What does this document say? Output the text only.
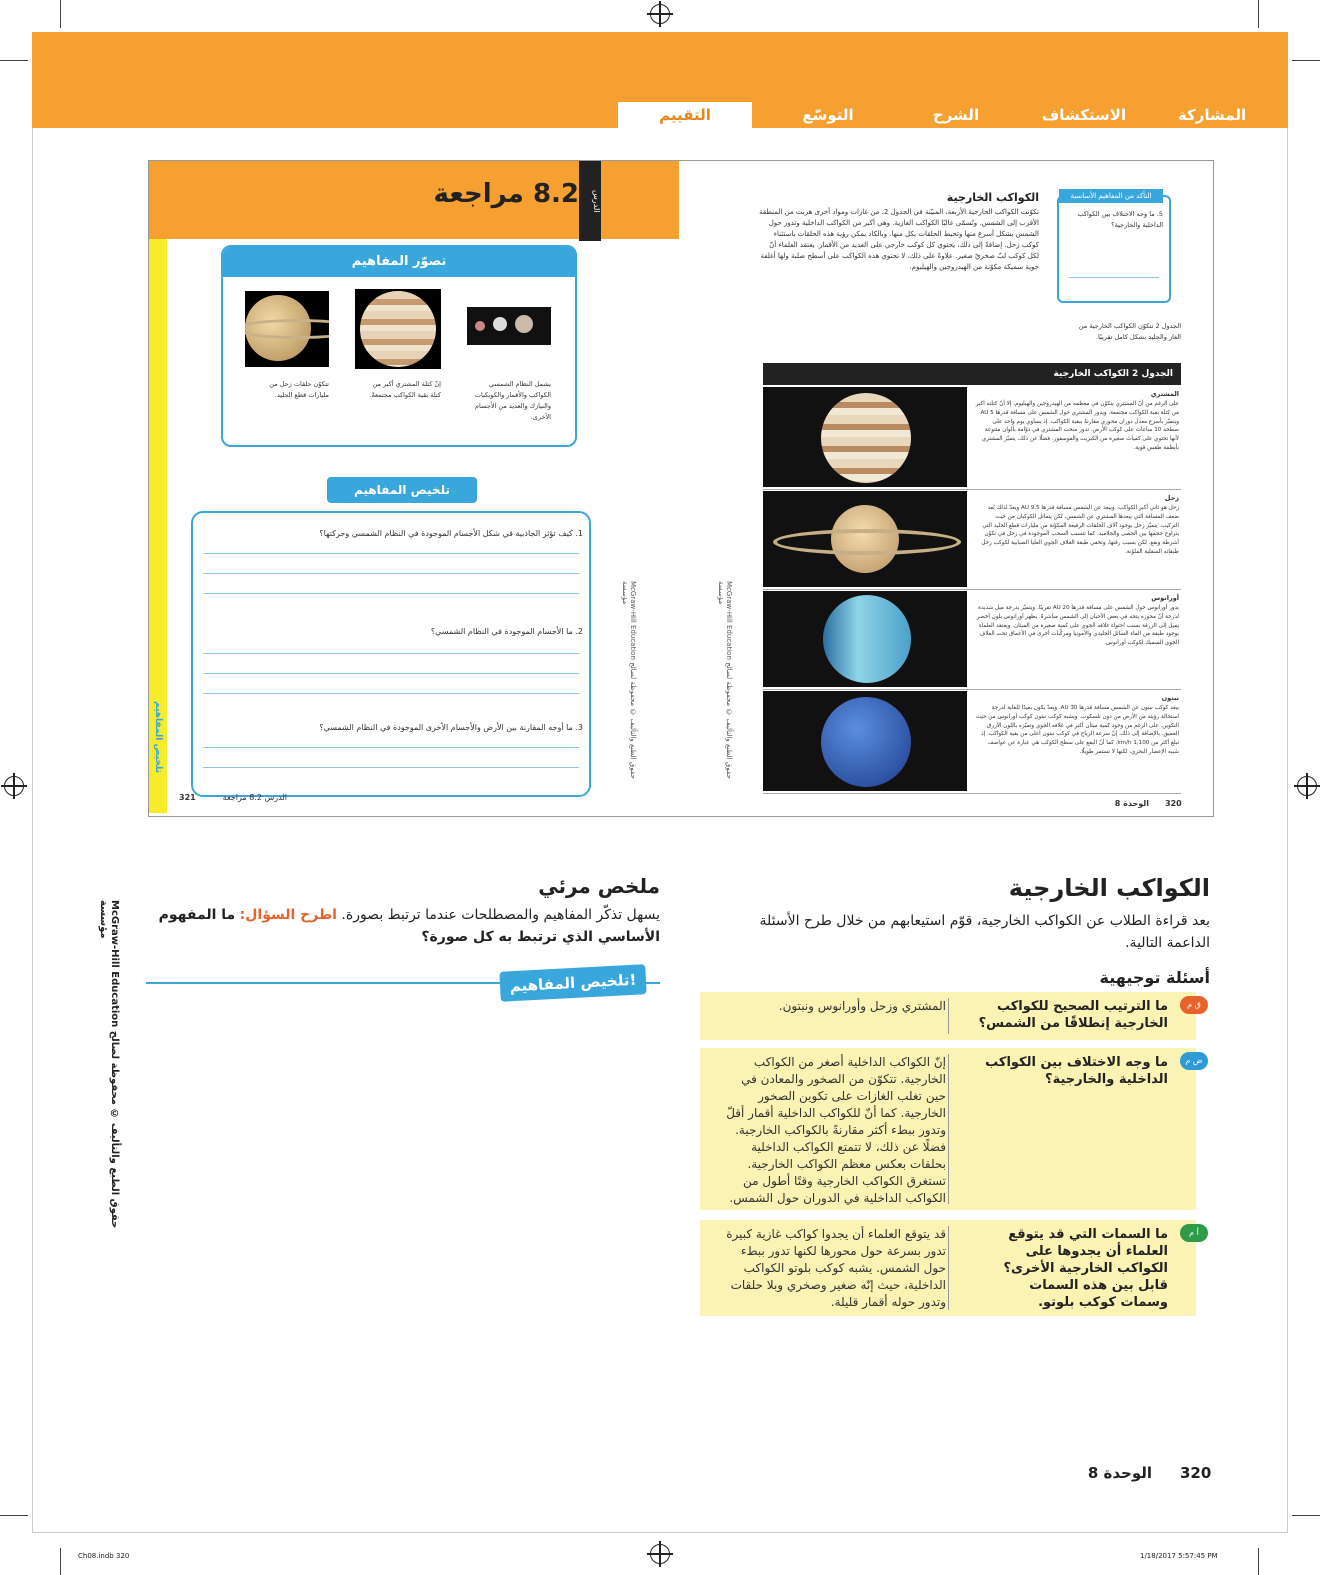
المشاركة
الاستكشاف
الشرح
التوسّع
التقييم
8.2 مراجعة	الدرس
تصوّر المفاهيم
يشمل النظام الشمسي الكواكب والأقمار والكويكبات والنيازك والعديد من الأجسام الأخرى.
إنّ كتلة المشتري أكبر من كتلة بقية الكواكب مجتمعةً.
تتكوّن حلقات زحل من مليارات قطع الجليد.
تلخيص المفاهيم
1. كيف تؤثر الجاذبية في شكل الأجسام الموجودة في النظام الشمسي وحركتها؟
2. ما الأجسام الموجودة في النظام الشمسي؟
3. ما أوجه المقارنة بين الأرض والأجسام الأخرى الموجودة في النظام الشمسي؟
تلخيص المفاهيم
McGraw-Hill Education حقوق الطبع والتأليف © محفوظة لصالح مؤسسة
الدرس 8.2 مراجعة
321
McGraw-Hill Education حقوق الطبع والتأليف © محفوظة لصالح مؤسسة
التأكد من المفاهيم الأساسية
5. ما وجه الاختلاف بين الكواكب الداخلية والخارجية؟
الكواكب الخارجية
تكوّنت الكواكب الخارجية الأربعة، المبيّنة في الجدول 2، من غازات ومواد أخرى هربت من المنطقة الأقرب إلى الشمس. وتُسمّى غالبًا الكواكب الغازية. وهي أكبر من الكواكب الداخلية وتدور حول الشمس بشكل أسرع منها وتحيط الحلقات بكل منها. وبالكاد يمكن رؤية هذه الحلقات باستثناء كوكب زحل. إضافةً إلى ذلك، يحتوي كل كوكب خارجي على العديد من الأقمار. يعتقد العلماء أنّ لكل كوكب لبّ صخريّ صغير. علاوةً على ذلك، لا تحتوي هذه الكواكب على أسطح صلبة ولها أغلفة جوية سميكة مكوّنة من الهيدروجين والهيليوم.
الجدول 2 تتكوّن الكواكب الخارجية من الغاز والجليد بشكل كامل تقريبًا.
الجدول 2 الكواكب الخارجية
المشتري
على الرغم من أنّ المشتري يتكوّن في معظمه من الهيدروجين والهيليوم، إلا أنّ كتلته أكبر من كتلة بقية الكواكب مجتمعة. ويدور المشتري حول الشمس على مسافة قدرها 5 AU ويتميّز بأسرع معدل دوران محوري مقارنةً ببقية الكواكب. إذ يساوي يوم واحد على سطحه 10 ساعات على كوكب الأرض. تدور سحب المشتري في دوّامة بألوان متنوعة لأنها تحتوي على كميات صغيرة من الكبريت والفوسفور. فضلًا عن ذلك، يتميّز المشتري بأنظمة طقس قوية.
زحل
زحل هو ثاني أكبر الكواكب. ويبعد عن الشمس مسافة قدرها 9.5 AU ويعدّ لذلك بُعد ضعف المسافة التي يبعدها المشتري عن الشمس. لكن يتماثل الكوكبان من حيث التركيب. يتميّز زحل بوجود آلاف الحلقات الرفيعة المكوّنة من مليارات قطع الجليد التي يتراوح حجمها بين الحصى والجلاميد. كما تتسبب السحب الموجودة في زحل في تكوّن أشرطة وبقع. لكن بسبب رقتها، وتخفي طبقة الغلاف الجوي العليا الضبابية لكوكب زحل طبقاته السفلية الملوّنة.
أورانوس
يدور أورانوس حول الشمس على مسافة قدرها 20 AU تقريبًا. ويتميّز بدرجة ميل شديدة لدرجة أنّ محوره يتجه في بعض الأحيان إلى الشمس مباشرةً. يظهر أورانوس بلون أخضر يميل إلى الزرقة بسبب احتواء غلافه الجوي على كمية صغيرة من الميثان. ويعتقد العلماء بوجود طبقة من الماء السائل الجليدي والأمونيا ومركّبات أخرى في الأعماق تحت الغلاف الجوي السميك لكوكب أورانوس.
نبتون
يبعد كوكب نبتون عن الشمس مسافة قدرها 30 AU. ويعدّ يكون بعيدًا للغاية لدرجة استحالة رؤيته من الأرض من دون تلسكوب. ويشبه كوكب نبتون كوكب أورانوس من حيث التكوين. على الرغم من وجود كمية ميثان أكبر في غلافه الجوي وتميّزه باللون الأزرق العميق. بالإضافة إلى ذلك، إنّ سرعة الرياح في كوكب نبتون أعلى من بقية الكواكب. إذ تبلغ أكثر من 1,100 km/h. كما أنّ البقع على سطح الكوكب هي عبارة عن عواصف شبيه الإعصار البحري، لكنها لا تستمر طويلًا.
320
الوحدة 8
الكواكب الخارجية
بعد قراءة الطلاب عن الكواكب الخارجية، قوّم استيعابهم من خلال طرح الأسئلة الداعمة التالية.
أسئلة توجيهية
ق م
ما الترتيب الصحيح للكواكب الخارجية إنطلاقًا من الشمس؟
المشتري وزحل وأورانوس ونبتون.
ض م
ما وجه الاختلاف بين الكواكب الداخلية والخارجية؟
إنّ الكواكب الداخلية أصغر من الكواكب الخارجية. تتكوّن من الصخور والمعادن في حين تغلب الغازات على تكوين الصخور الخارجية. كما أنّ للكواكب الداخلية أقمار أقلّ وتدور ببطء أكثر مقارنةً بالكواكب الخارجية. فضلًا عن ذلك، لا تتمتع الكواكب الداخلية بحلقات بعكس معظم الكواكب الخارجية. تستغرق الكواكب الخارجية وقتًا أطول من الكواكب الداخلية في الدوران حول الشمس.
أ م
ما السمات التي قد يتوقع العلماء أن يجدوها على الكواكب الخارجية الأخرى؟ قابل بين هذه السمات وسمات كوكب بلوتو.
قد يتوقع العلماء أن يجدوا كواكب غازية كبيرة تدور بسرعة حول محورها لكنها تدور ببطء حول الشمس. يشبه كوكب بلوتو الكواكب الداخلية، حيث إنّه صغير وصخري وبلا حلقات وتدور حوله أقمار قليلة.
ملخص مرئي
يسهل تذكّر المفاهيم والمصطلحات عندما ترتبط بصورة. اطرح السؤال: ما المفهوم الأساسي الذي ترتبط به كل صورة؟
تلخيص المفاهيم!
McGraw-Hill Education حقوق الطبع والتأليف © محفوظة لصالح مؤسسة
320
الوحدة 8
Ch08.indb 320	1/18/2017 5:57:45 PM
